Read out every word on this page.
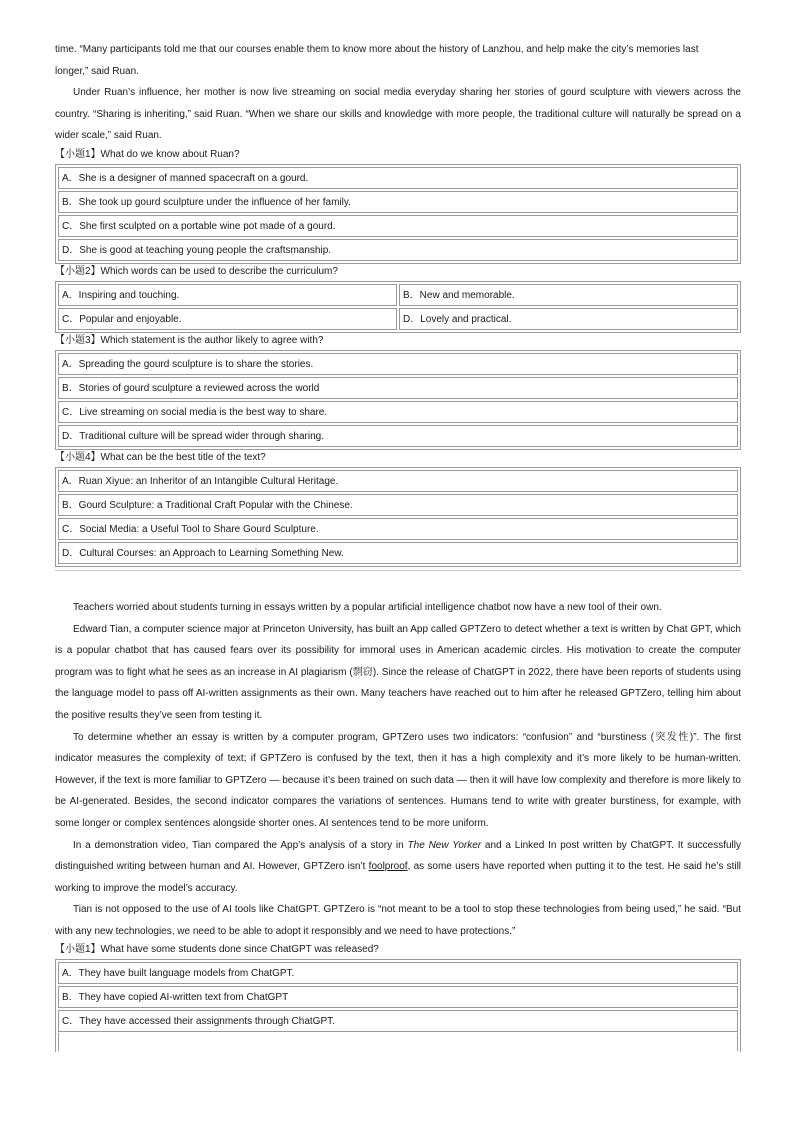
time. “Many participants told me that our courses enable them to know more about the history of Lanzhou, and help make the city’s memories last
longer,” said Ruan.

Under Ruan’s influence, her mother is now live streaming on social media everyday sharing her stories of gourd sculpture with viewers across the country. “Sharing is inheriting,” said Ruan. “When we share our skills and knowledge with more people, the traditional culture will naturally be spread on a wider scale,” said Ruan.

【小题1】What do we know about Ruan?
A．She is a designer of manned spacecraft on a gourd.
B．She took up gourd sculpture under the influence of her family.
C．She first sculpted on a portable wine pot made of a gourd.
D．She is good at teaching young people the craftsmanship.
【小题2】Which words can be used to describe the curriculum?
A．Inspiring and touching.	B．New and memorable.
C．Popular and enjoyable.	D．Lovely and practical.
【小题3】Which statement is the author likely to agree with?
A．Spreading the gourd sculpture is to share the stories.
B．Stories of gourd sculpture a reviewed across the world
C．Live streaming on social media is the best way to share.
D．Traditional culture will be spread wider through sharing.
【小题4】What can be the best title of the text?
A．Ruan Xiyue: an Inheritor of an Intangible Cultural Heritage.
B．Gourd Sculpture: a Traditional Craft Popular with the Chinese.
C．Social Media: a Useful Tool to Share Gourd Sculpture.
D．Cultural Courses: an Approach to Learning Something New.

Teachers worried about students turning in essays written by a popular artificial intelligence chatbot now have a new tool of their own.

Edward Tian, a computer science major at Princeton University, has built an App called GPTZero to detect whether a text is written by Chat GPT, which is a popular chatbot that has caused fears over its possibility for immoral uses in American academic circles. His motivation to create the computer program was to fight what he sees as an increase in AI plagiarism (剽窃). Since the release of ChatGPT in 2022, there have been reports of students using the language model to pass off AI-written assignments as their own. Many teachers have reached out to him after he released GPTZero, telling him about the positive results they’ve seen from testing it.

To determine whether an essay is written by a computer program, GPTZero uses two indicators: “confusion” and “burstiness (突发性)”. The first indicator measures the complexity of text; if GPTZero is confused by the text, then it has a high complexity and it’s more likely to be human-written. However, if the text is more familiar to GPTZero — because it’s been trained on such data — then it will have low complexity and therefore is more likely to be AI-generated. Besides, the second indicator compares the variations of sentences. Humans tend to write with greater burstiness, for example, with some longer or complex sentences alongside shorter ones. AI sentences tend to be more uniform.

In a demonstration video, Tian compared the App’s analysis of a story in The New Yorker and a Linked In post written by ChatGPT. It successfully distinguished writing between human and AI. However, GPTZero isn’t foolproof, as some users have reported when putting it to the test. He said he’s still working to improve the model’s accuracy.

Tian is not opposed to the use of AI tools like ChatGPT. GPTZero is “not meant to be a tool to stop these technologies from being used,” he said. “But with any new technologies, we need to be able to adopt it responsibly and we need to have protections.”

【小题1】What have some students done since ChatGPT was released?
A．They have built language models from ChatGPT.
B．They have copied AI-written text from ChatGPT
C．They have accessed their assignments through ChatGPT.
